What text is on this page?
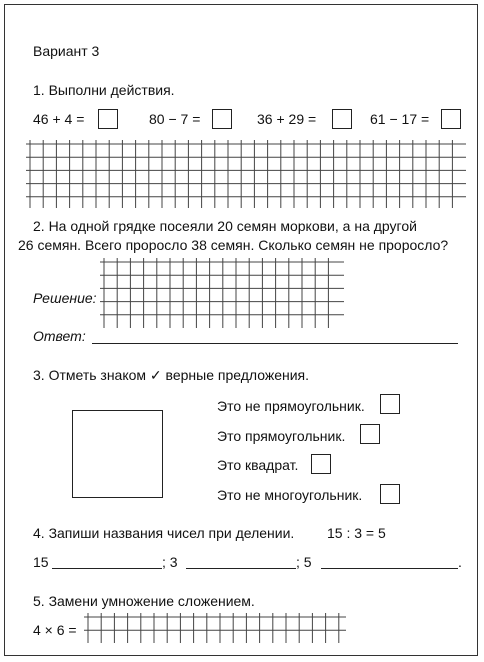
Вариант 3
1. Выполни действия.
46 + 4 =	80 − 7 =	36 + 29 =	61 − 17 =
2. На одной грядке посеяли 20 семян моркови, а на другой
26 семян. Всего проросло 38 семян. Сколько семян не проросло?
Решение:
Ответ:
3. Отметь знаком ✓ верные предложения.
Это не прямоугольник.
Это прямоугольник.
Это квадрат.
Это не многоугольник.
4. Запиши названия чисел при делении. 15 : 3 = 5
15	; 3	; 5	.
5. Замени умножение сложением.
4 × 6 =
